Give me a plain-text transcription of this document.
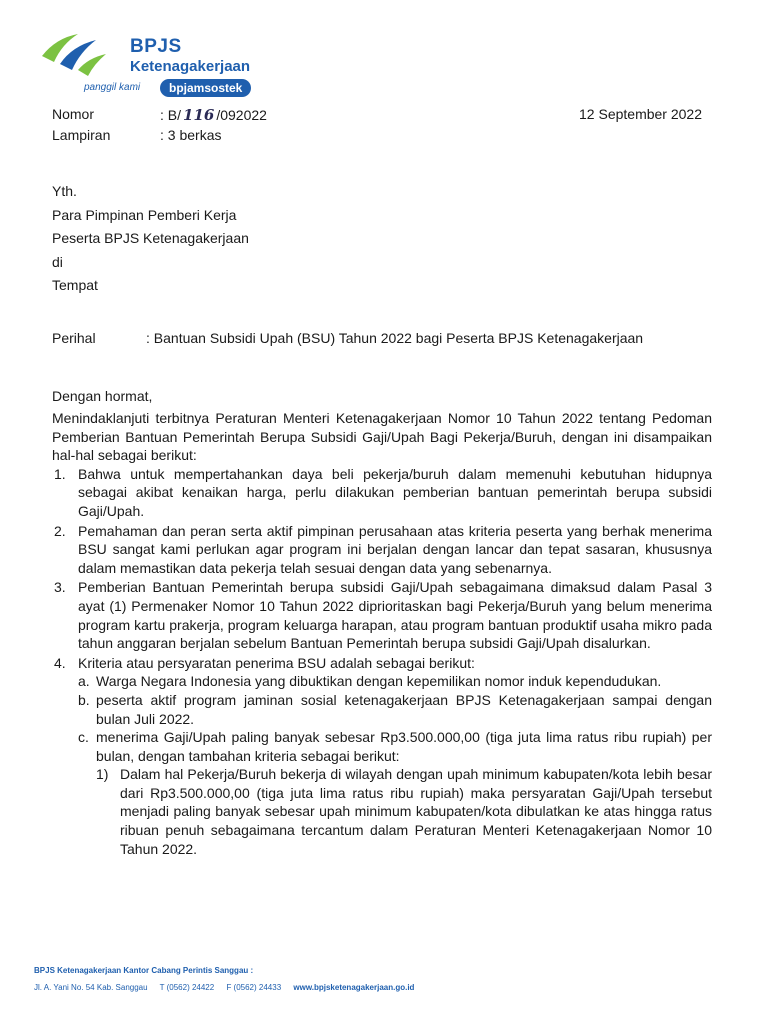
BPJS
Ketenagakerjaan
panggil kami	bpjamsostek
Nomor	: B/ 116 /092022	12 September 2022
Lampiran	: 3 berkas
Yth.
Para Pimpinan Pemberi Kerja
Peserta BPJS Ketenagakerjaan
di
Tempat
Perihal	: Bantuan Subsidi Upah (BSU) Tahun 2022 bagi Peserta BPJS Ketenagakerjaan
Dengan hormat,

Menindaklanjuti terbitnya Peraturan Menteri Ketenagakerjaan Nomor 10 Tahun 2022 tentang Pedoman Pemberian Bantuan Pemerintah Berupa Subsidi Gaji/Upah Bagi Pekerja/Buruh, dengan ini disampaikan hal-hal sebagai berikut:

1. Bahwa untuk mempertahankan daya beli pekerja/buruh dalam memenuhi kebutuhan hidupnya sebagai akibat kenaikan harga, perlu dilakukan pemberian bantuan pemerintah berupa subsidi Gaji/Upah.
2. Pemahaman dan peran serta aktif pimpinan perusahaan atas kriteria peserta yang berhak menerima BSU sangat kami perlukan agar program ini berjalan dengan lancar dan tepat sasaran, khususnya dalam memastikan data pekerja telah sesuai dengan data yang sebenarnya.
3. Pemberian Bantuan Pemerintah berupa subsidi Gaji/Upah sebagaimana dimaksud dalam Pasal 3 ayat (1) Permenaker Nomor 10 Tahun 2022 diprioritaskan bagi Pekerja/Buruh yang belum menerima program kartu prakerja, program keluarga harapan, atau program bantuan produktif usaha mikro pada tahun anggaran berjalan sebelum Bantuan Pemerintah berupa subsidi Gaji/Upah disalurkan.
4. Kriteria atau persyaratan penerima BSU adalah sebagai berikut:
a. Warga Negara Indonesia yang dibuktikan dengan kepemilikan nomor induk kependudukan.
b. peserta aktif program jaminan sosial ketenagakerjaan BPJS Ketenagakerjaan sampai dengan bulan Juli 2022.
c. menerima Gaji/Upah paling banyak sebesar Rp3.500.000,00 (tiga juta lima ratus ribu rupiah) per bulan, dengan tambahan kriteria sebagai berikut:
1) Dalam hal Pekerja/Buruh bekerja di wilayah dengan upah minimum kabupaten/kota lebih besar dari Rp3.500.000,00 (tiga juta lima ratus ribu rupiah) maka persyaratan Gaji/Upah tersebut menjadi paling banyak sebesar upah minimum kabupaten/kota dibulatkan ke atas hingga ratus ribuan penuh sebagaimana tercantum dalam Peraturan Menteri Ketenagakerjaan Nomor 10 Tahun 2022.
BPJS Ketenagakerjaan Kantor Cabang Perintis Sanggau :
Jl. A. Yani No. 54 Kab. Sanggau T (0562) 24422 F (0562) 24433 www.bpjsketenagakerjaan.go.id
